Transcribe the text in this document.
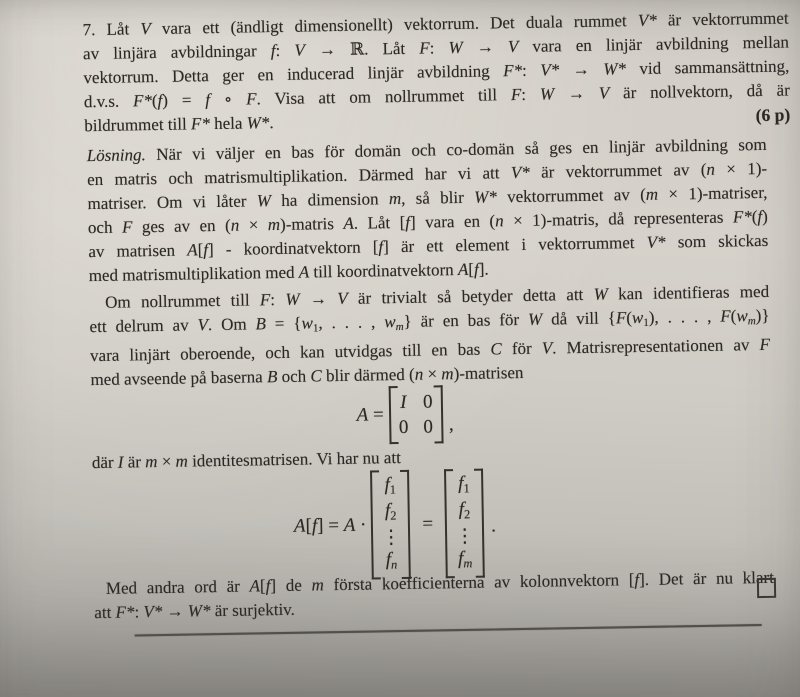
(6 p)
7. Låt V vara ett (ändligt dimensionellt) vektorrum. Det duala rummet V* är vektorrummet
av linjära avbildningar f: V → ℝ. Låt F: W → V vara en linjär avbildning mellan
vektorrum. Detta ger en inducerad linjär avbildning F*: V* → W* vid sammansättning,
d.v.s. F*(f) = f ∘ F. Visa att om nollrummet till F: W → V är nollvektorn, då är
bildrummet till F* hela W*.
Lösning. När vi väljer en bas för domän och co-domän så ges en linjär avbildning som
en matris och matrismultiplikation. Därmed har vi att V* är vektorrummet av (n × 1)-
matriser. Om vi låter W ha dimension m, så blir W* vektorrummet av (m × 1)-matriser,
och F ges av en (n × m)-matris A. Låt [f] vara en (n × 1)-matris, då representeras F*(f)
av matrisen A[f] - koordinatvektorn [f] är ett element i vektorrummet V* som skickas
med matrismultiplikation med A till koordinatvektorn A[f].
Om nollrummet till F: W → V är trivialt så betyder detta att W kan identifieras med
ett delrum av V. Om B = {w1, . . . , wm} är en bas för W då vill {F(w1), . . . , F(wm)}
vara linjärt oberoende, och kan utvidgas till en bas C för V. Matrisrepresentationen av F
med avseende på baserna B och C blir därmed (n × m)-matrisen
A =
I 0
0 0 ,
där I är m × m identitesmatrisen. Vi har nu att
A[f] = A ·
f1
f2
⋮
fn
=
f1
f2
⋮
fm
.
Med andra ord är A[f] de m första koefficienterna av kolonnvektorn [f]. Det är nu klart
att F*: V* → W* är surjektiv.
